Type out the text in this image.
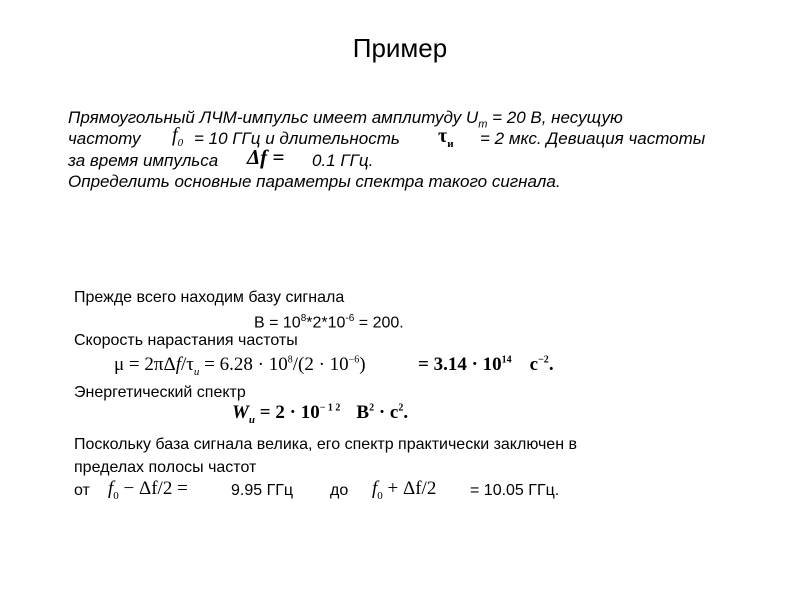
Пример
Прямоугольный ЛЧМ-импульс имеет амплитуду $U_m = 20$ В, несущую
частоту $f_0 = 10$ ГГц и длительность $\tau_и = 2$ мкс. Девиация частоты
за время импульса Δf = 0.1 ГГц.
Определить основные параметры спектра такого сигнала.
Прежде всего находим базу сигнала
$B = 10^8*2*10^{-6} = 200$.
Скорость нарастания частоты
$\mu = 2\pi\Delta f/\tau_и = 6.28 \cdot 10^8/(2 \cdot 10^{-6})$	= $3.14 \cdot 10^{14}$ $с^{-2}$.
Энергетический спектр
$W_и = 2 \cdot 10^{- 1 2}$ $В^2 \cdot с^2$.
Поскольку база сигнала велика, его спектр практически заключен в
пределах полосы частот
от $f_0 - \Delta f/2$ =	9.95 ГГц до $f_0 + \Delta f/2 = 10.05$ ГГц.
